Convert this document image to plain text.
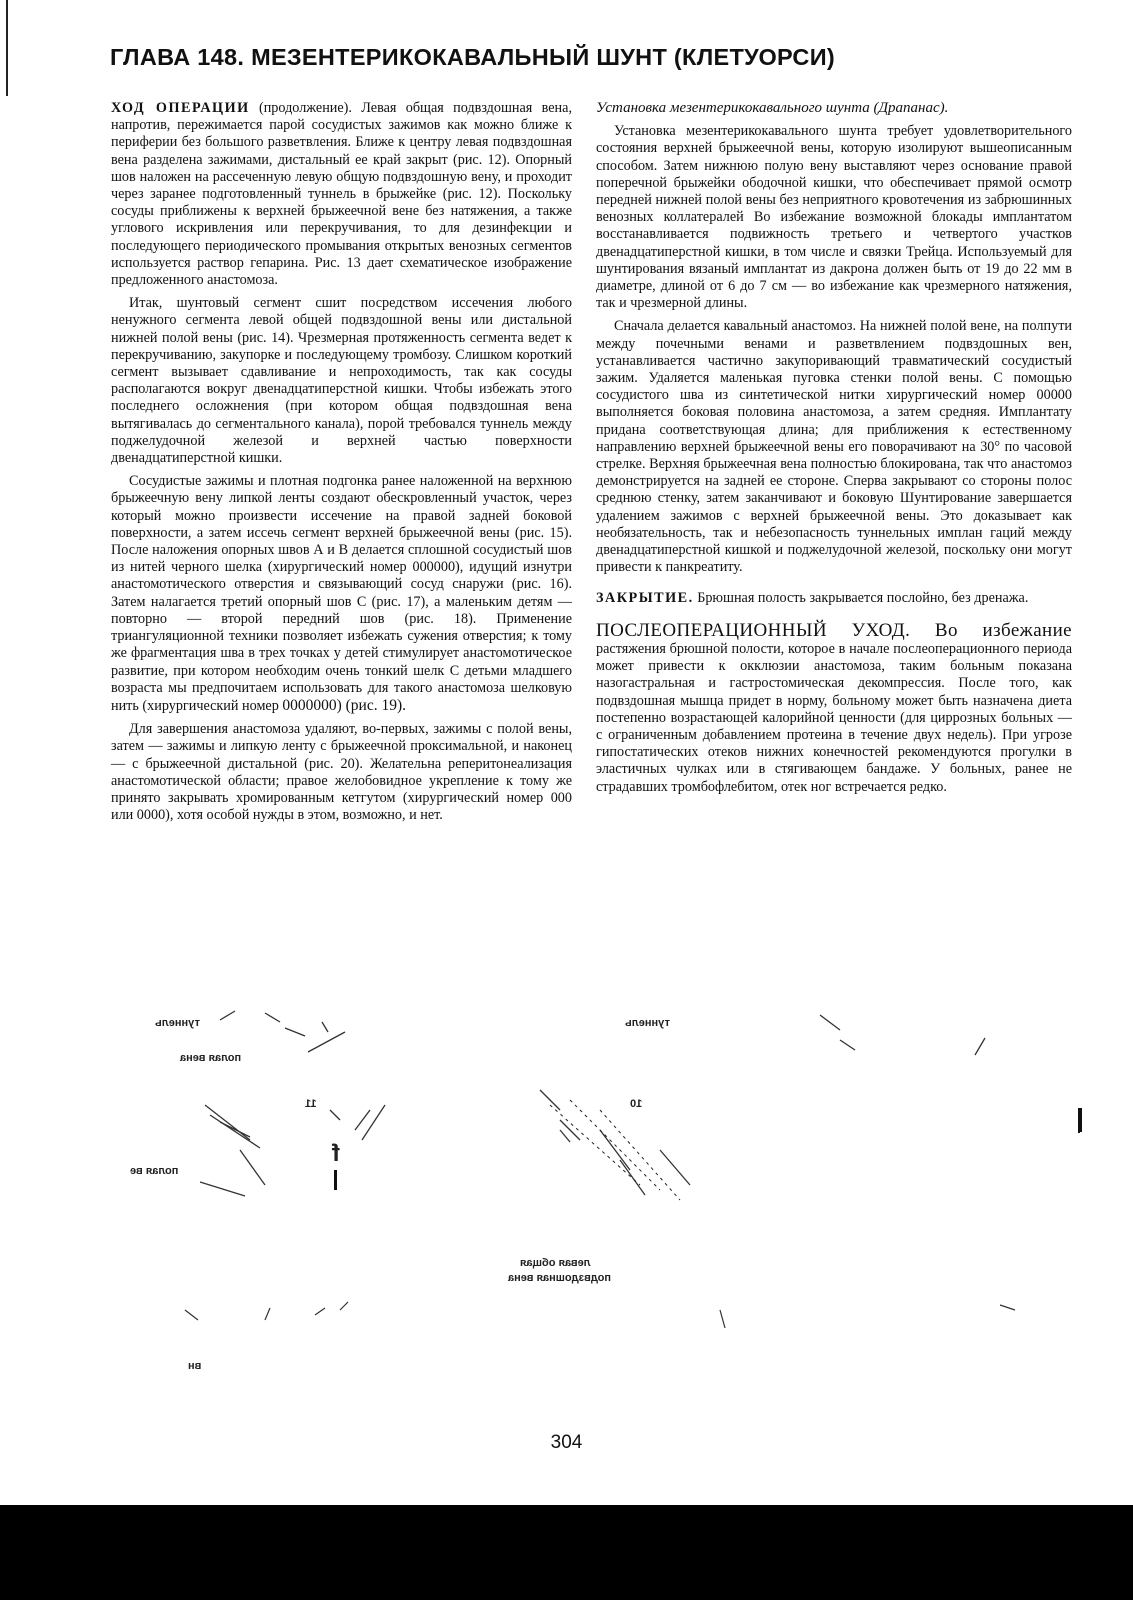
ГЛАВА 148. МЕЗЕНТЕРИКОКАВАЛЬНЫЙ ШУНТ (КЛЕТУОРСИ)

ХОД ОПЕРАЦИИ (продолжение). Левая общая подвздошная вена, напротив, пережимается парой сосудистых зажимов как можно ближе к периферии без большого разветвления. Ближе к центру левая подвздошная вена разделена зажимами, дистальный ее край закрыт (рис. 12). Опорный шов наложен на рассеченную левую общую подвздошную вену, и проходит через заранее подготовленный туннель в брыжейке (рис. 12). Поскольку сосуды приближены к верхней брыжеечной вене без натяжения, а также углового искривления или перекручивания, то для дезинфекции и последующего периодического промывания открытых венозных сегментов используется раствор гепарина. Рис. 13 дает схематическое изображение предложенного анастомоза.

Итак, шунтовый сегмент сшит посредством иссечения любого ненужного сегмента левой общей подвздошной вены или дистальной нижней полой вены (рис. 14). Чрезмерная протяженность сегмента ведет к перекручиванию, закупорке и последующему тромбозу. Слишком короткий сегмент вызывает сдавливание и непроходимость, так как сосуды располагаются вокруг двенадцатиперстной кишки. Чтобы избежать этого последнего осложнения (при котором общая подвздошная вена вытягивалась до сегментального канала), порой требовался туннель между поджелудочной железой и верхней частью поверхности двенадцатиперстной кишки.

Сосудистые зажимы и плотная подгонка ранее наложенной на верхнюю брыжеечную вену липкой ленты создают обескровленный участок, через который можно произвести иссечение на правой задней боковой поверхности, а затем иссечь сегмент верхней брыжеечной вены (рис. 15). После наложения опорных швов А и В делается сплошной сосудистый шов из нитей черного шелка (хирургический номер 000000), идущий изнутри анастомотического отверстия и связывающий сосуд снаружи (рис. 16). Затем налагается третий опорный шов С (рис. 17), а маленьким детям — повторно — второй передний шов (рис. 18). Применение триангуляционной техники позволяет избежать сужения отверстия; к тому же фрагментация шва в трех точках у детей стимулирует анастомотическое развитие, при котором необходим очень тонкий шелк С детьми младшего возраста мы предпочитаем использовать для такого анастомоза шелковую нить (хирургический номер 0000000) (рис. 19).

Для завершения анастомоза удаляют, во-первых, зажимы с полой вены, затем — зажимы и липкую ленту с брыжеечной проксимальной, и наконец — с брыжеечной дистальной (рис. 20). Желательна реперитонеализация анастомотической области; правое желобовидное укрепление к тому же принято закрывать хромированным кетгутом (хирургический номер 000 или 0000), хотя особой нужды в этом, возможно, и нет.

Установка мезентерикокавального шунта (Драпанас).

Установка мезентерикокавального шунта требует удовлетворительного состояния верхней брыжеечной вены, которую изолируют вышеописанным способом. Затем нижнюю полую вену выставляют через основание правой поперечной брыжейки ободочной кишки, что обеспечивает прямой осмотр передней нижней полой вены без неприятного кровотечения из забрюшинных венозных коллатералей Во избежание возможной блокады имплантатом восстанавливается подвижность третьего и четвертого участков двенадцатиперстной кишки, в том числе и связки Трейца. Используемый для шунтирования вязаный имплантат из дакрона должен быть от 19 до 22 мм в диаметре, длиной от 6 до 7 см — во избежание как чрезмерного натяжения, так и чрезмерной длины.

Сначала делается кавальный анастомоз. На нижней полой вене, на полпути между почечными венами и разветвлением подвздошных вен, устанавливается частично закупоривающий травматический сосудистый зажим. Удаляется маленькая пуговка стенки полой вены. С помощью сосудистого шва из синтетической нитки хирургический номер 00000 выполняется боковая половина анастомоза, а затем средняя. Имплантату придана соответствующая длина; для приближения к естественному направлению верхней брыжеечной вены его поворачивают на 30° по часовой стрелке. Верхняя брыжеечная вена полностью блокирована, так что анастомоз демонстрируется на задней ее стороне. Сперва закрывают со стороны полос среднюю стенку, затем заканчивают и боковую Шунтирование завершается удалением зажимов с верхней брыжеечной вены. Это доказывает как необязательность, так и небезопасность туннельных имплан гаций между двенадцатиперстной кишкой и поджелудочной железой, поскольку они могут привести к панкреатиту.

ЗАКРЫТИЕ. Брюшная полость закрывается послойно, без дренажа.

ПОСЛЕОПЕРАЦИОННЫЙ УХОД. Во избежание растяжения брюшной полости, которое в начале послеоперационного периода может привести к окклюзии анастомоза, таким больным показана назогастральная и гастростомическая декомпрессия. После того, как подвздошная мышца придет в норму, больному может быть назначена диета постепенно возрастающей калорийной ценности (для циррозных больных — с ограниченным добавлением протеина в течение двух недель). При угрозе гипостатических отеков нижних конечностей рекомендуются прогулки в эластичных чулках или в стягивающем бандаже. У больных, ранее не страдавших тромбофлебитом, отек ног встречается редко.

туннель
полая вена
11
полая ве
f
10
туннель
левая общая
подвздошная вена
вн
304
